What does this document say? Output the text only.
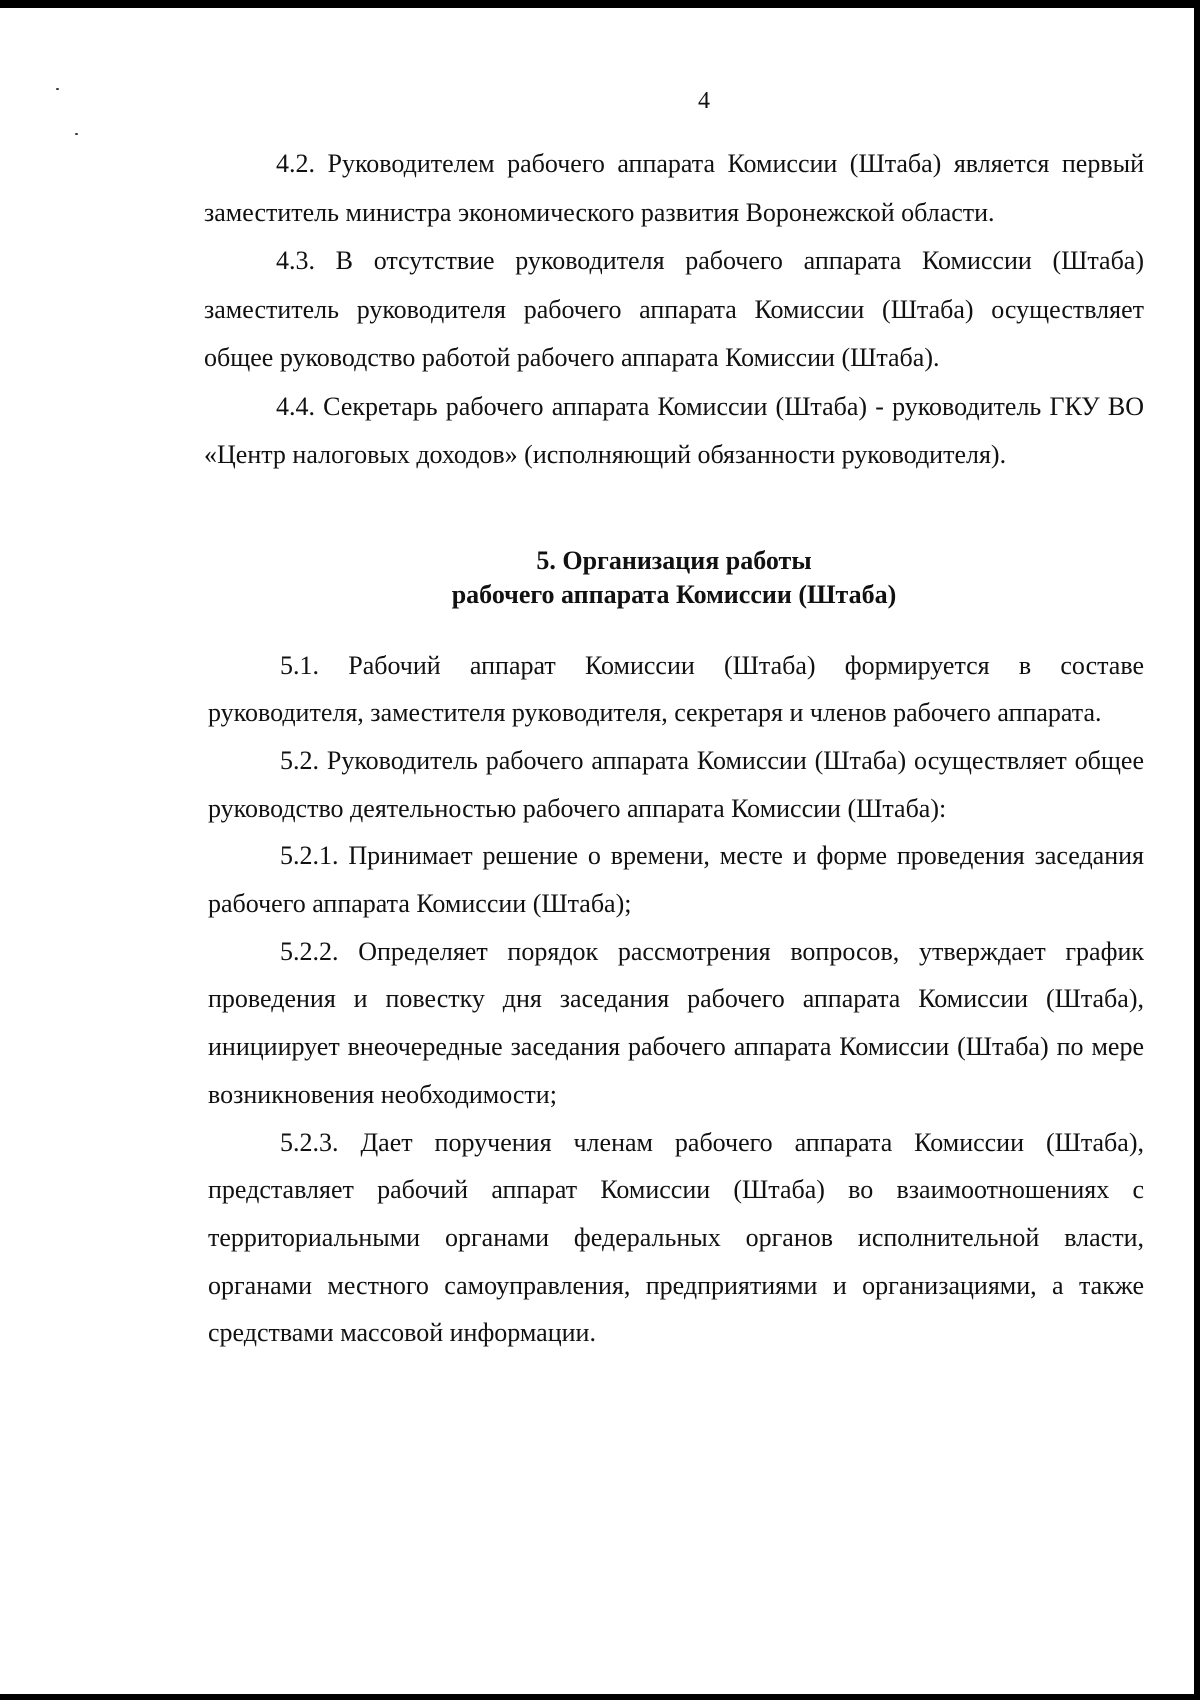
4

4.2. Руководителем рабочего аппарата Комиссии (Штаба) является первый заместитель министра экономического развития Воронежской области.

4.3. В отсутствие руководителя рабочего аппарата Комиссии (Штаба) заместитель руководителя рабочего аппарата Комиссии (Штаба) осуществляет общее руководство работой рабочего аппарата Комиссии (Штаба).

4.4. Секретарь рабочего аппарата Комиссии (Штаба) - руководитель ГКУ ВО «Центр налоговых доходов» (исполняющий обязанности руководителя).

5. Организация работы
рабочего аппарата Комиссии (Штаба)

5.1. Рабочий аппарат Комиссии (Штаба) формируется в составе руководителя, заместителя руководителя, секретаря и членов рабочего аппарата.

5.2. Руководитель рабочего аппарата Комиссии (Штаба) осуществляет общее руководство деятельностью рабочего аппарата Комиссии (Штаба):

5.2.1. Принимает решение о времени, месте и форме проведения заседания рабочего аппарата Комиссии (Штаба);

5.2.2. Определяет порядок рассмотрения вопросов, утверждает график проведения и повестку дня заседания рабочего аппарата Комиссии (Штаба), инициирует внеочередные заседания рабочего аппарата Комиссии (Штаба) по мере возникновения необходимости;

5.2.3. Дает поручения членам рабочего аппарата Комиссии (Штаба), представляет рабочий аппарат Комиссии (Штаба) во взаимоотношениях с территориальными органами федеральных органов исполнительной власти, органами местного самоуправления, предприятиями и организациями, а также средствами массовой информации.
